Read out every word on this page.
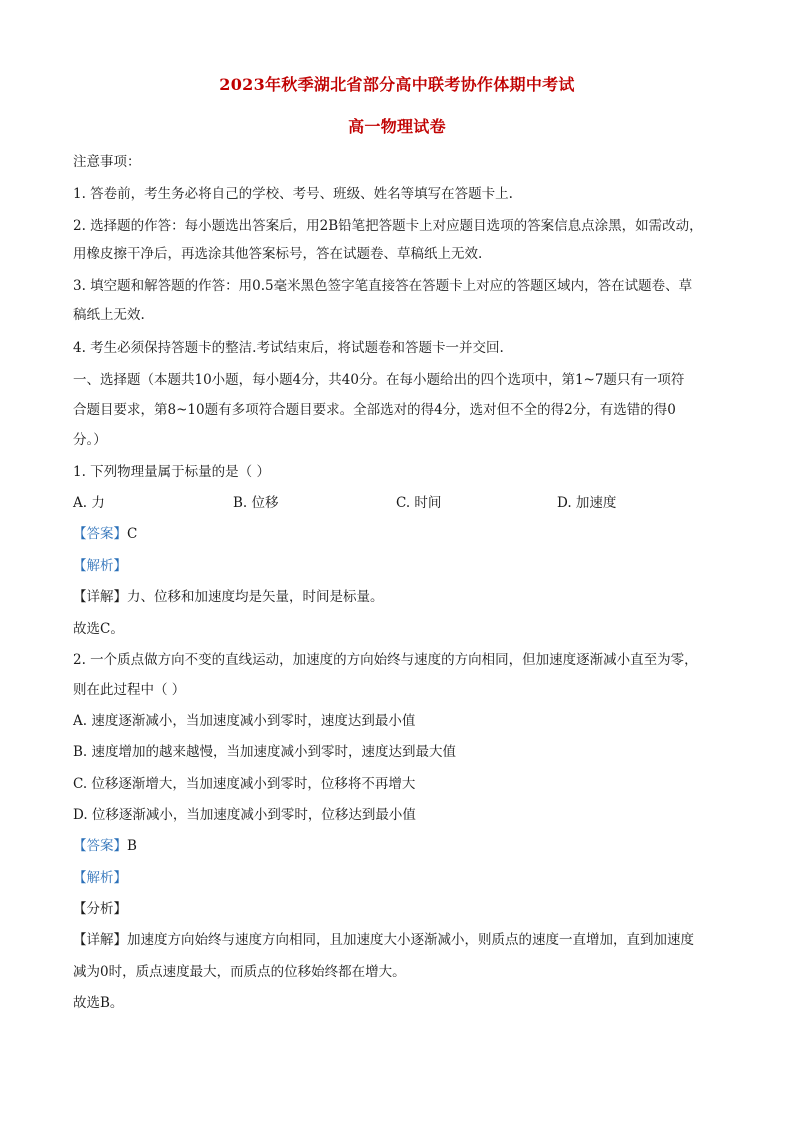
2023年秋季湖北省部分高中联考协作体期中考试
高一物理试卷
注意事项：
1. 答卷前，考生务必将自己的学校、考号、班级、姓名等填写在答题卡上.
2. 选择题的作答：每小题选出答案后，用2B铅笔把答题卡上对应题目选项的答案信息点涂黑，如需改动，
用橡皮擦干净后，再选涂其他答案标号，答在试题卷、草稿纸上无效.
3. 填空题和解答题的作答：用0.5毫米黑色签字笔直接答在答题卡上对应的答题区域内，答在试题卷、草
稿纸上无效.
4. 考生必须保持答题卡的整洁.考试结束后，将试题卷和答题卡一并交回.
一、选择题（本题共10小题，每小题4分，共40分。在每小题给出的四个选项中，第1~7题只有一项符
合题目要求，第8~10题有多项符合题目要求。全部选对的得4分，选对但不全的得2分，有选错的得0
分。）
1. 下列物理量属于标量的是（ ）
A. 力	B. 位移	C. 时间	D. 加速度
【答案】C
【解析】
【详解】力、位移和加速度均是矢量，时间是标量。
故选C。
2. 一个质点做方向不变的直线运动，加速度的方向始终与速度的方向相同，但加速度逐渐减小直至为零，
则在此过程中（ ）
A. 速度逐渐减小，当加速度减小到零时，速度达到最小值
B. 速度增加的越来越慢，当加速度减小到零时，速度达到最大值
C. 位移逐渐增大，当加速度减小到零时，位移将不再增大
D. 位移逐渐减小，当加速度减小到零时，位移达到最小值
【答案】B
【解析】
【分析】
【详解】加速度方向始终与速度方向相同，且加速度大小逐渐减小，则质点的速度一直增加，直到加速度
减为0时，质点速度最大，而质点的位移始终都在增大。
故选B。
